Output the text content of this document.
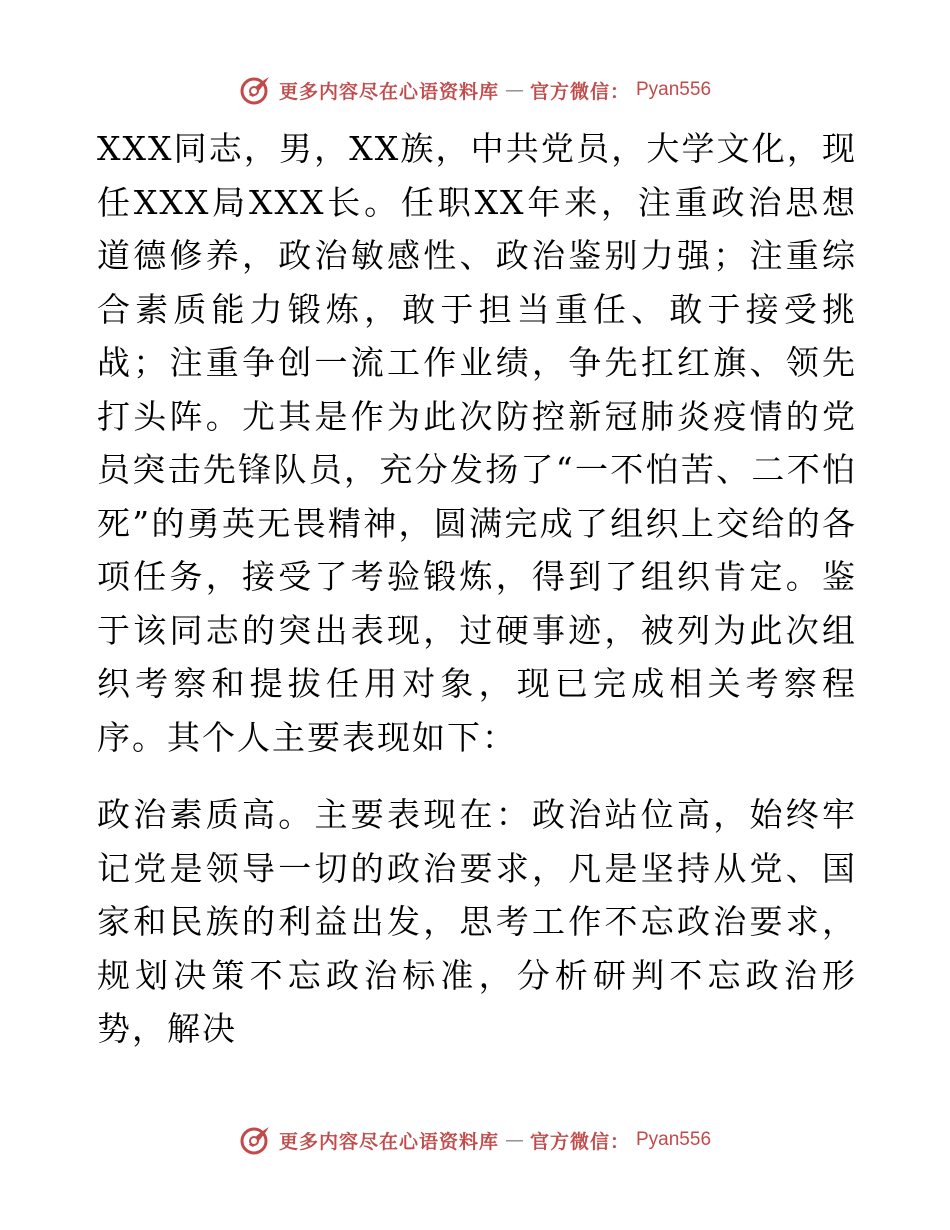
更多内容尽在心语资料库 — 官方微信： Pyan556

XXX同志，男，XX族，中共党员，大学文化，现任XXX局XXX长。任职XX年来，注重政治思想道德修养，政治敏感性、政治鉴别力强；注重综合素质能力锻炼，敢于担当重任、敢于接受挑战；注重争创一流工作业绩，争先扛红旗、领先打头阵。尤其是作为此次防控新冠肺炎疫情的党员突击先锋队员，充分发扬了“一不怕苦、二不怕死”的勇英无畏精神，圆满完成了组织上交给的各项任务，接受了考验锻炼，得到了组织肯定。鉴于该同志的突出表现，过硬事迹，被列为此次组织考察和提拔任用对象，现已完成相关考察程序。其个人主要表现如下：

政治素质高。主要表现在：政治站位高，始终牢记党是领导一切的政治要求，凡是坚持从党、国家和民族的利益出发，思考工作不忘政治要求，规划决策不忘政治标准，分析研判不忘政治形势，解决

更多内容尽在心语资料库 — 官方微信： Pyan556
